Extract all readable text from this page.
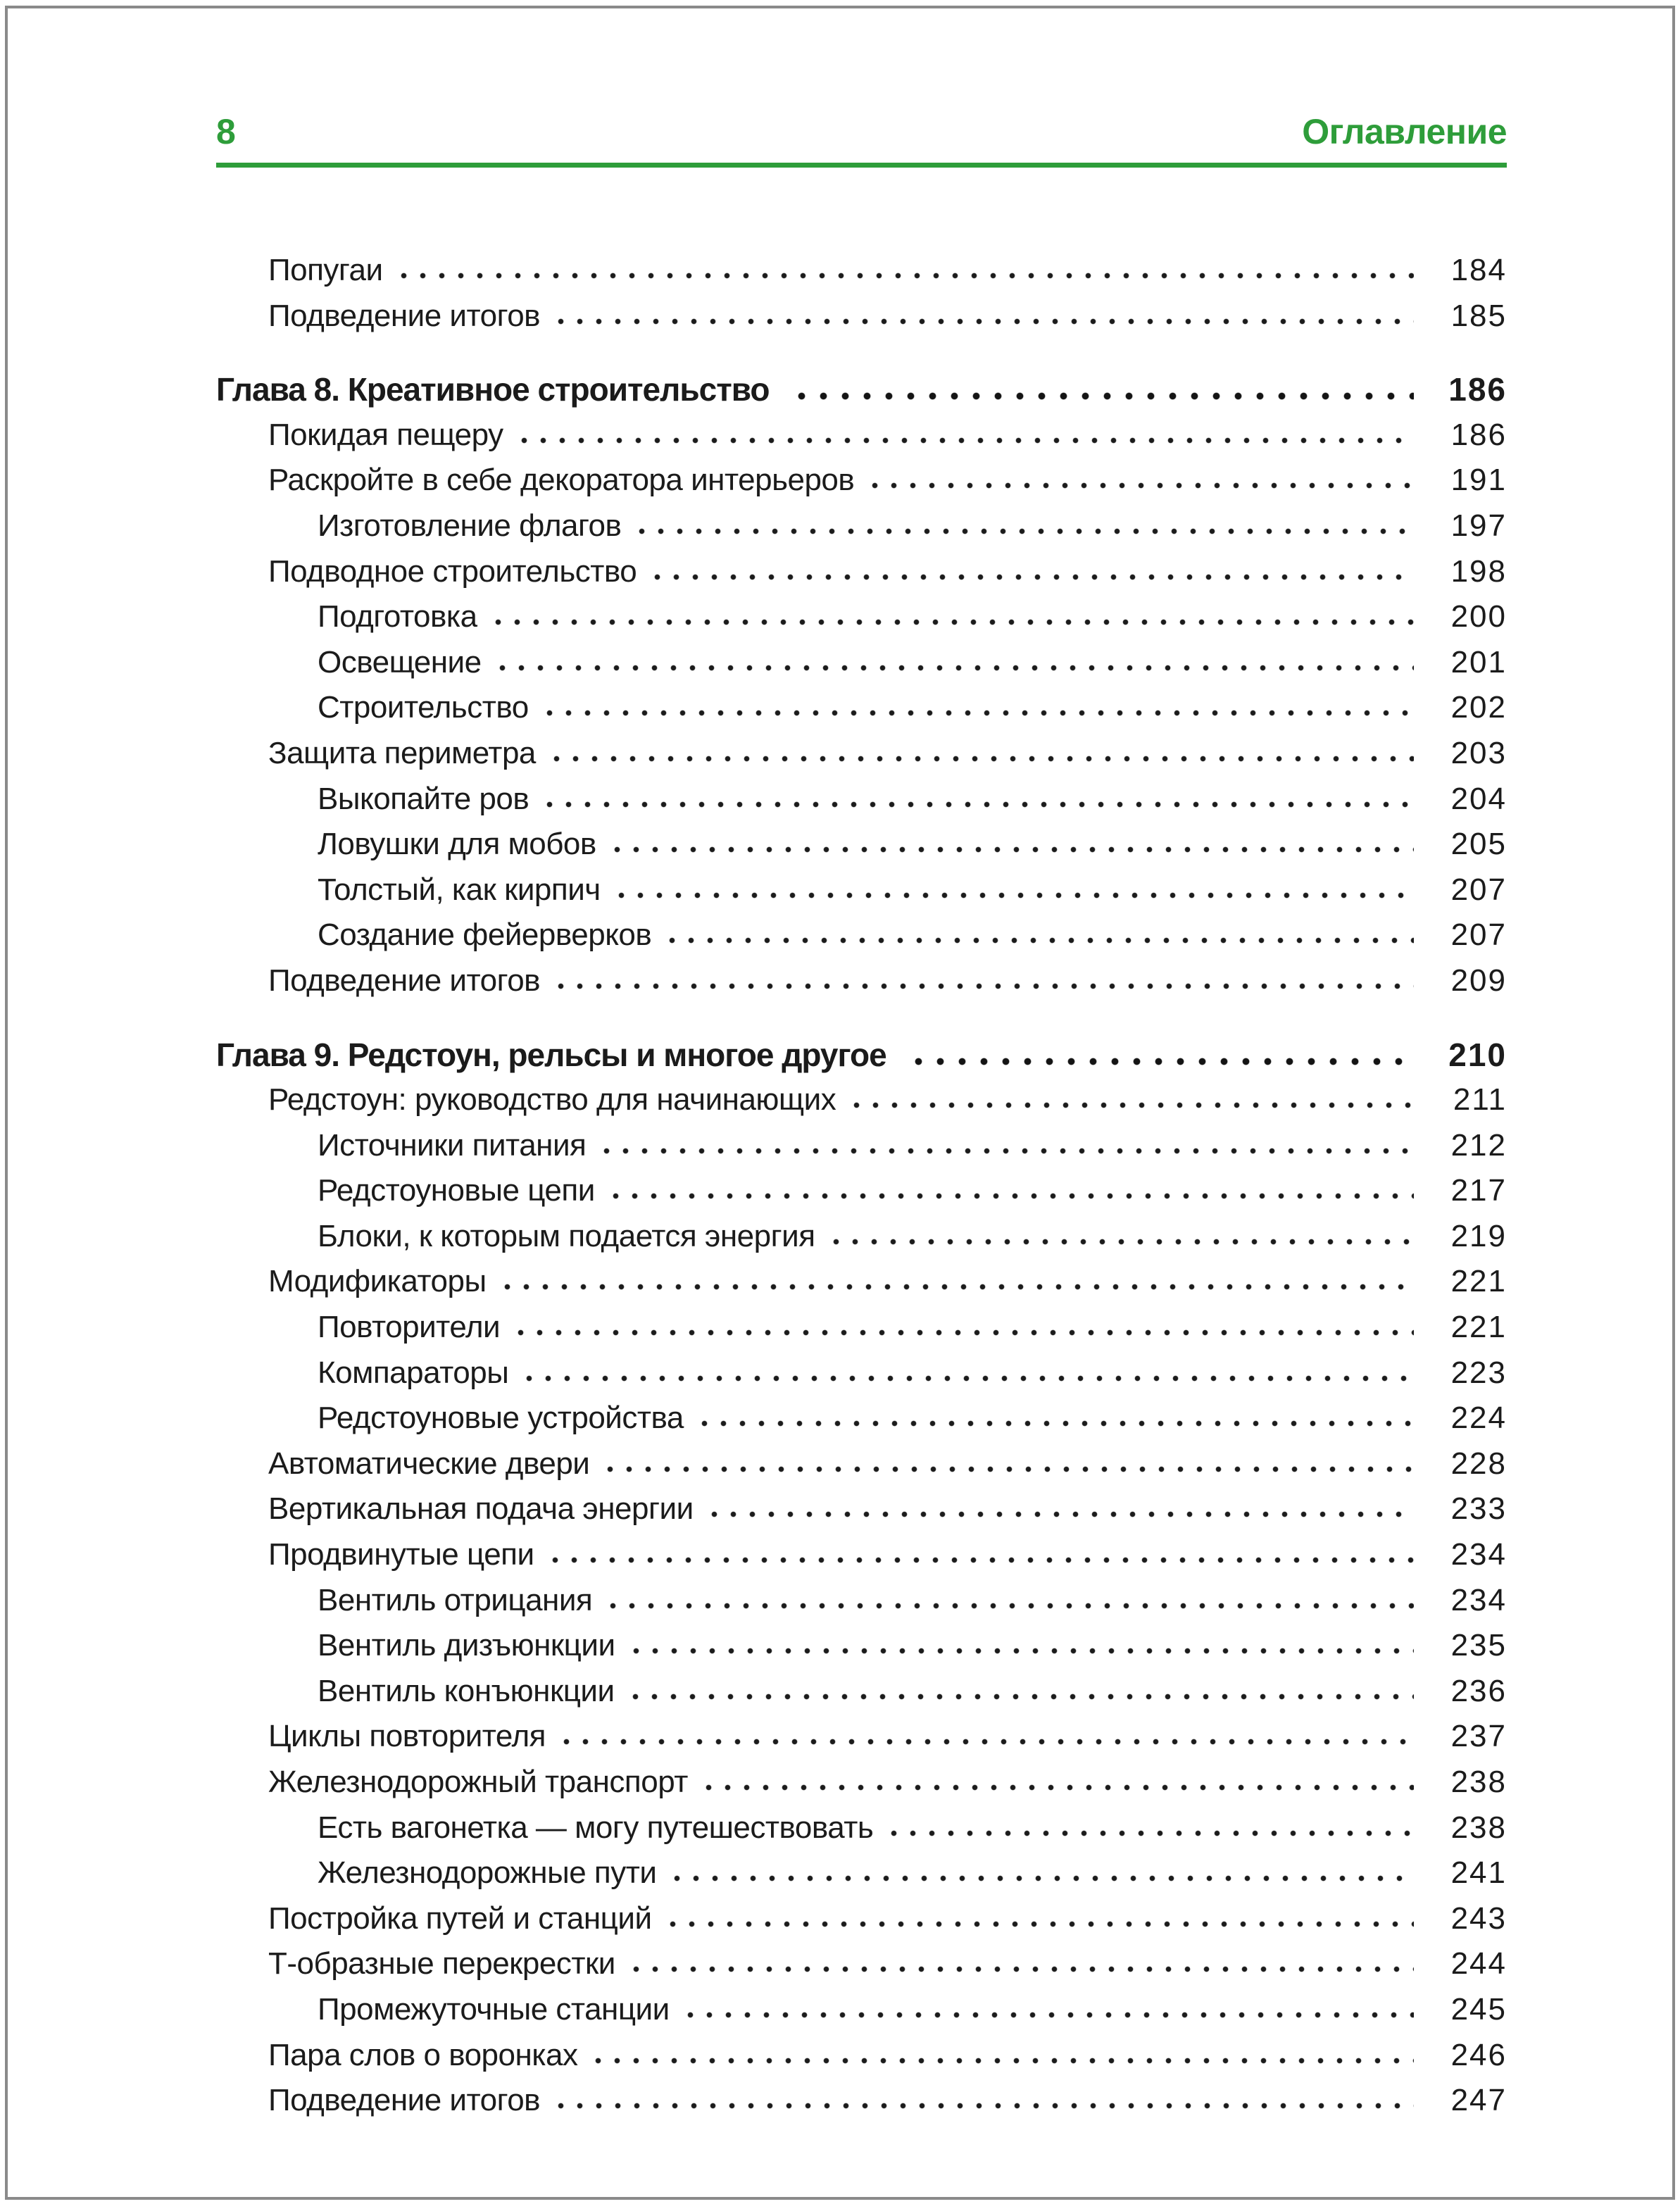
8	Оглавление
Попугаи	184
Подведение итогов	185
Глава 8. Креативное строительство	186
Покидая пещеру	186
Раскройте в себе декоратора интерьеров	191
Изготовление флагов	197
Подводное строительство	198
Подготовка	200
Освещение	201
Строительство	202
Защита периметра	203
Выкопайте ров	204
Ловушки для мобов	205
Толстый, как кирпич	207
Создание фейерверков	207
Подведение итогов	209
Глава 9. Редстоун, рельсы и многое другое	210
Редстоун: руководство для начинающих	211
Источники питания	212
Редстоуновые цепи	217
Блоки, к которым подается энергия	219
Модификаторы	221
Повторители	221
Компараторы	223
Редстоуновые устройства	224
Автоматические двери	228
Вертикальная подача энергии	233
Продвинутые цепи	234
Вентиль отрицания	234
Вентиль дизъюнкции	235
Вентиль конъюнкции	236
Циклы повторителя	237
Железнодорожный транспорт	238
Есть вагонетка — могу путешествовать	238
Железнодорожные пути	241
Постройка путей и станций	243
Т-образные перекрестки	244
Промежуточные станции	245
Пара слов о воронках	246
Подведение итогов	247
